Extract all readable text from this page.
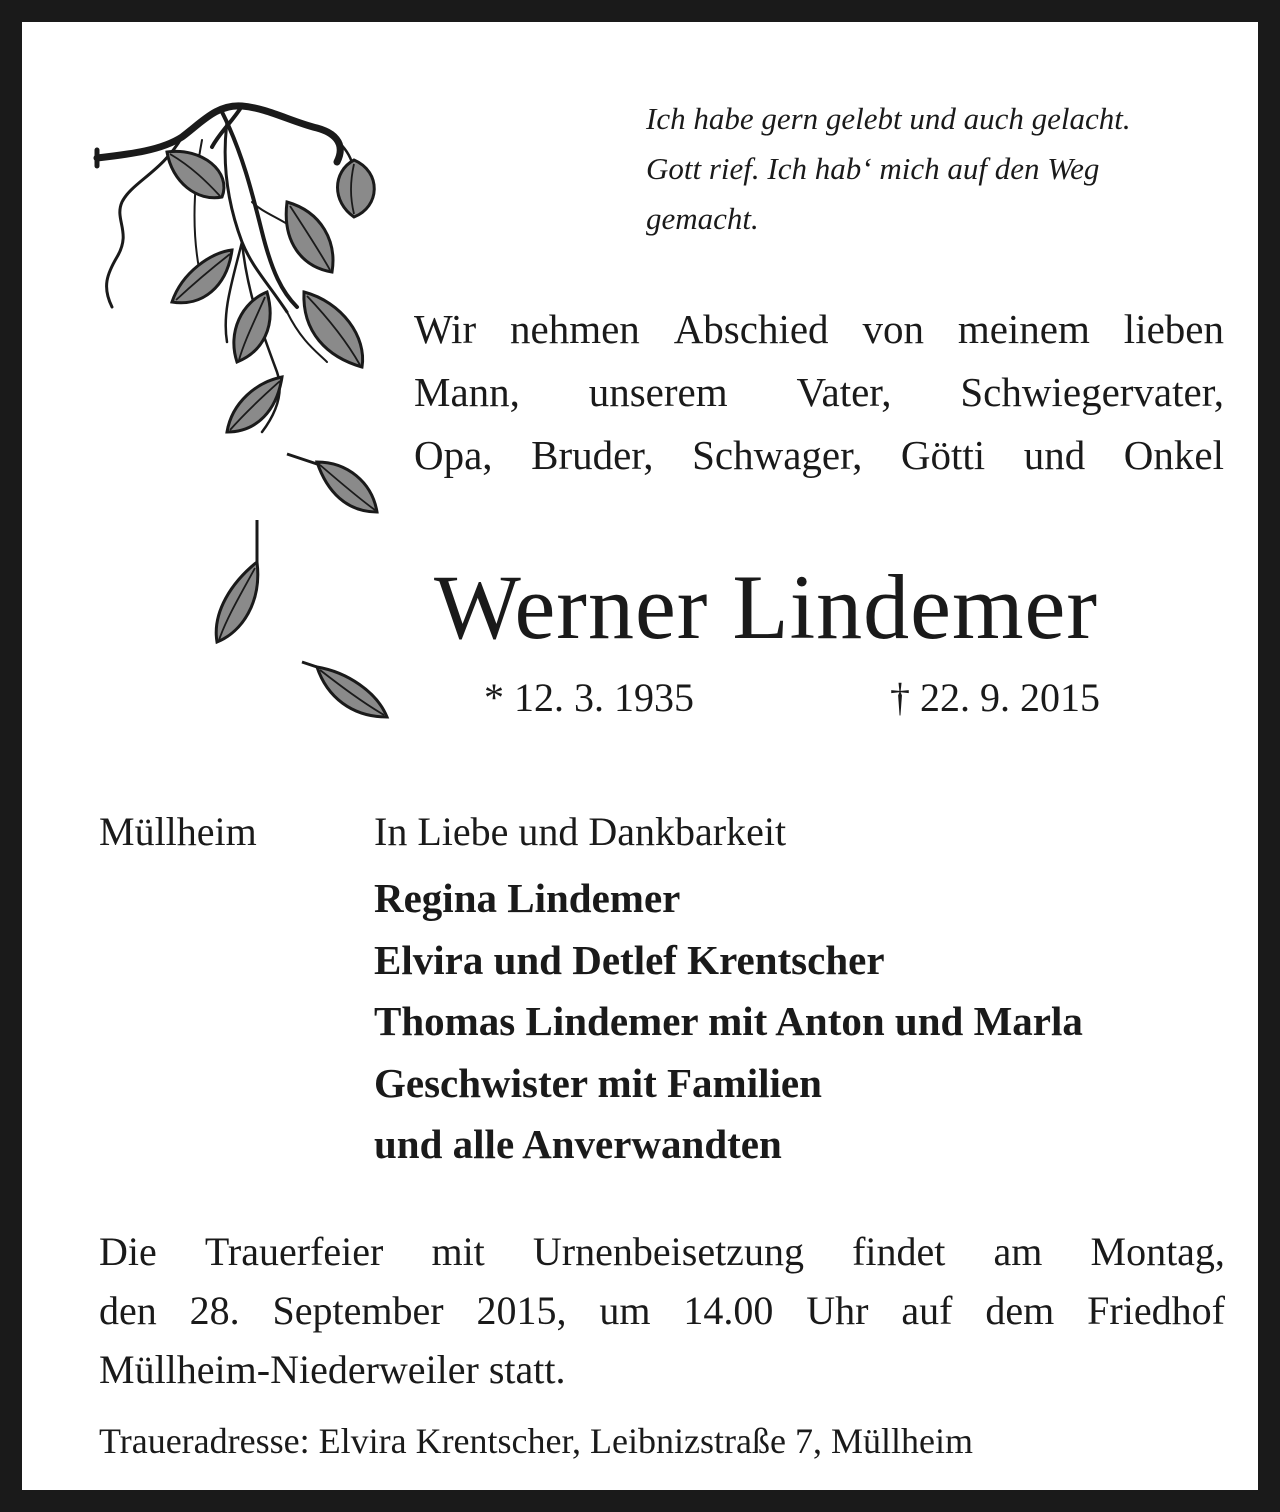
Ich habe gern gelebt und auch gelacht.
Gott rief. Ich hab‘ mich auf den Weg
gemacht.
Wir nehmen Abschied von meinem lieben
Mann, unserem Vater, Schwiegervater,
Opa, Bruder, Schwager, Götti und Onkel
Werner Lindemer
* 12. 3. 1935	† 22. 9. 2015
Müllheim	In Liebe und Dankbarkeit
Regina Lindemer
Elvira und Detlef Krentscher
Thomas Lindemer mit Anton und Marla
Geschwister mit Familien
und alle Anverwandten
Die Trauerfeier mit Urnenbeisetzung findet am Montag,
den 28. September 2015, um 14.00 Uhr auf dem Friedhof
Müllheim-Niederweiler statt.
Traueradresse: Elvira Krentscher, Leibnizstraße 7, Müllheim
